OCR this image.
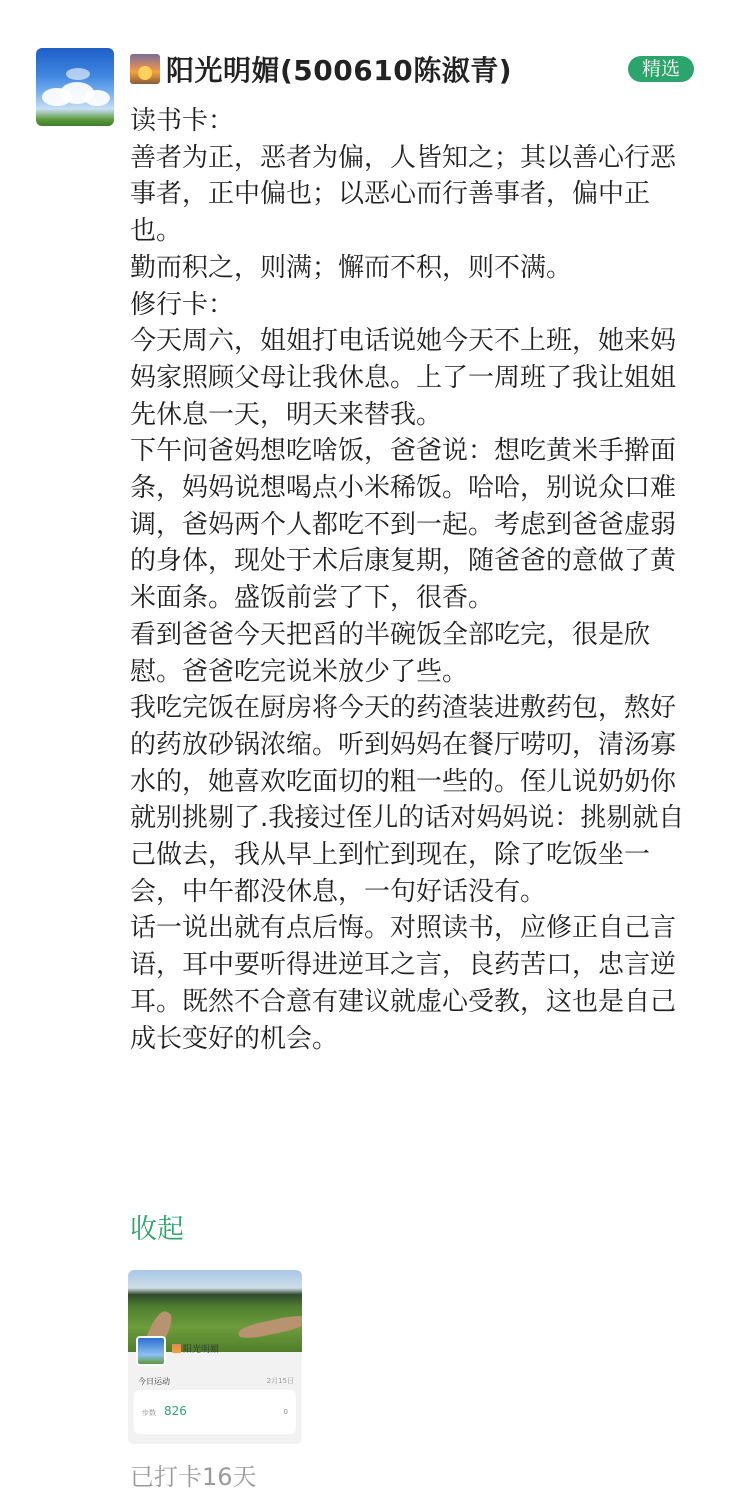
阳光明媚(500610陈淑青)	精选
读书卡：
善者为正，恶者为偏，人皆知之；其以善心行恶事者，正中偏也；以恶心而行善事者，偏中正也。
勤而积之，则满；懈而不积，则不满。
修行卡：
今天周六，姐姐打电话说她今天不上班，她来妈妈家照顾父母让我休息。上了一周班了我让姐姐先休息一天，明天来替我。
下午问爸妈想吃啥饭，爸爸说：想吃黄米手擀面条，妈妈说想喝点小米稀饭。哈哈，别说众口难调，爸妈两个人都吃不到一起。考虑到爸爸虚弱的身体，现处于术后康复期，随爸爸的意做了黄米面条。盛饭前尝了下，很香。
看到爸爸今天把舀的半碗饭全部吃完，很是欣慰。爸爸吃完说米放少了些。
我吃完饭在厨房将今天的药渣装进敷药包，熬好的药放砂锅浓缩。听到妈妈在餐厅唠叨，清汤寡水的，她喜欢吃面切的粗一些的。侄儿说奶奶你就别挑剔了.我接过侄儿的话对妈妈说：挑剔就自己做去，我从早上到忙到现在，除了吃饭坐一会，中午都没休息，一句好话没有。
话一说出就有点后悔。对照读书，应修正自己言语，耳中要听得进逆耳之言，良药苦口，忠言逆耳。既然不合意有建议就虚心受教，这也是自己成长变好的机会。
收起
阳光明媚
今日运动	2月15日
步数 826	0
已打卡16天
